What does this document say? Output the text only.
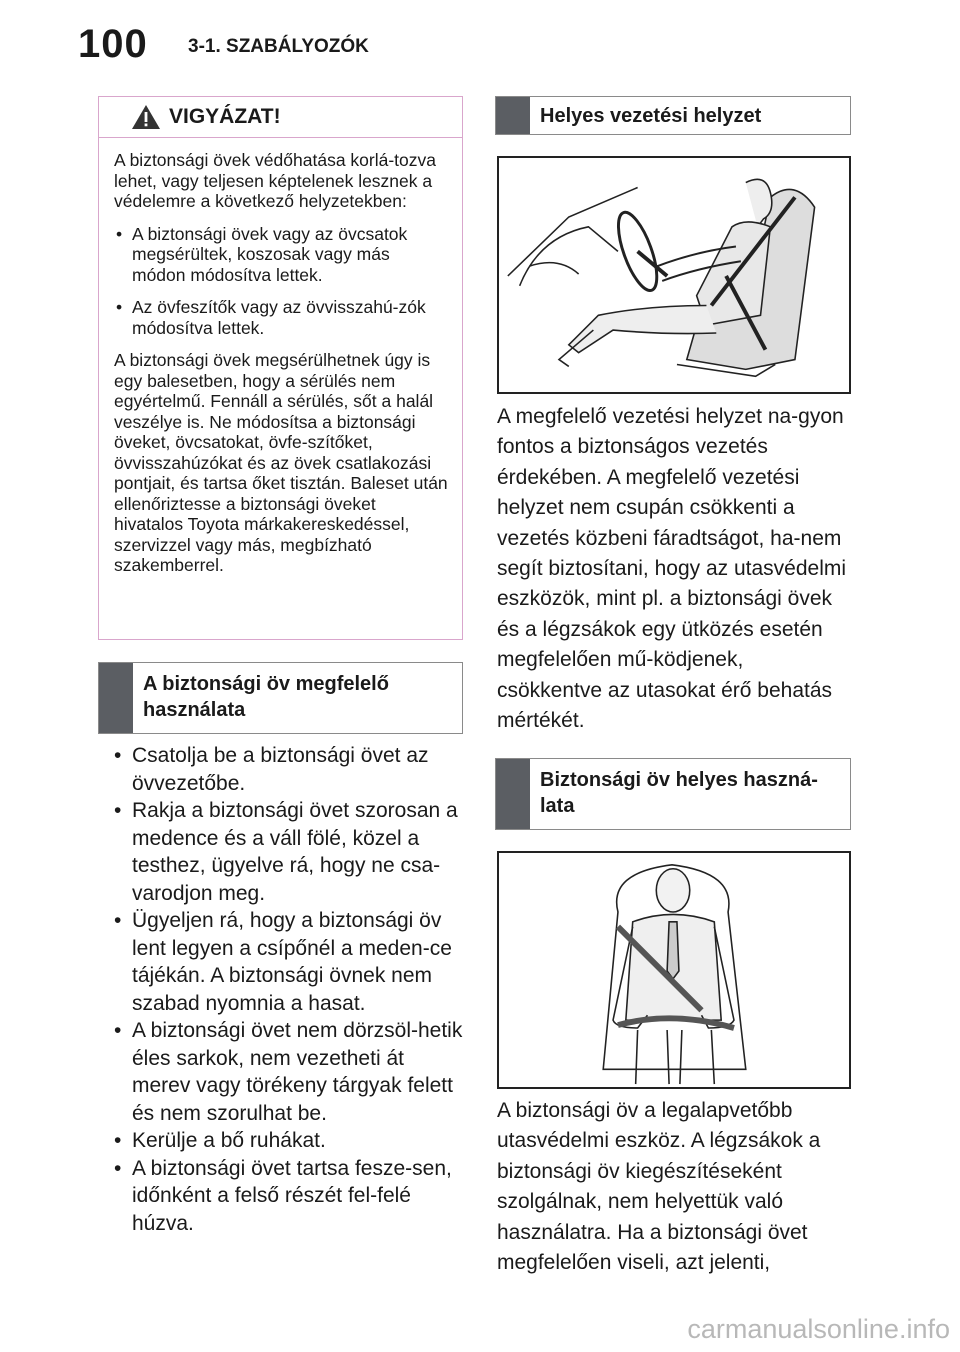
100 3-1. SZABÁLYOZÓK
VIGYÁZAT!

A biztonsági övek védőhatása korlá-tozva lehet, vagy teljesen képtelenek lesznek a védelemre a következő helyzetekben:

• A biztonsági övek vagy az övcsatok megsérültek, koszosak vagy más módon módosítva lettek.
• Az övfeszítők vagy az övvisszahú-zók módosítva lettek.

A biztonsági övek megsérülhetnek úgy is egy balesetben, hogy a sérülés nem egyértelmű. Fennáll a sérülés, sőt a halál veszélye is. Ne módosítsa a biztonsági öveket, övcsatokat, övfe-szítőket, övvisszahúzókat és az övek csatlakozási pontjait, és tartsa őket tisztán. Baleset után ellenőriztesse a biztonsági öveket hivatalos Toyota márkakereskedéssel, szervizzel vagy más, megbízható szakemberrel.

A biztonsági öv megfelelő használata
• Csatolja be a biztonsági övet az övvezetőbe.
• Rakja a biztonsági övet szorosan a medence és a váll fölé, közel a testhez, ügyelve rá, hogy ne csa-varodjon meg.
• Ügyeljen rá, hogy a biztonsági öv lent legyen a csípőnél a meden-ce tájékán. A biztonsági övnek nem szabad nyomnia a hasat.
• A biztonsági övet nem dörzsöl-hetik éles sarkok, nem vezetheti át merev vagy törékeny tárgyak felett és nem szorulhat be.
• Kerülje a bő ruhákat.
• A biztonsági övet tartsa fesze-sen, időnként a felső részét fel-felé húzva.
Helyes vezetési helyzet

A megfelelő vezetési helyzet na-gyon fontos a biztonságos vezetés érdekében. A megfelelő vezetési helyzet nem csupán csökkenti a vezetés közbeni fáradtságot, ha-nem segít biztosítani, hogy az utasvédelmi eszközök, mint pl. a biztonsági övek és a légzsákok egy ütközés esetén megfelelően mű-ködjenek, csökkentve az utasokat érő behatás mértékét.

Biztonsági öv helyes haszná-lata

A biztonsági öv a legalapvetőbb utasvédelmi eszköz. A légzsákok a biztonsági öv kiegészítéseként szolgálnak, nem helyettük való használatra. Ha a biztonsági övet megfelelően viseli, azt jelenti,

carmanualsonline.info
